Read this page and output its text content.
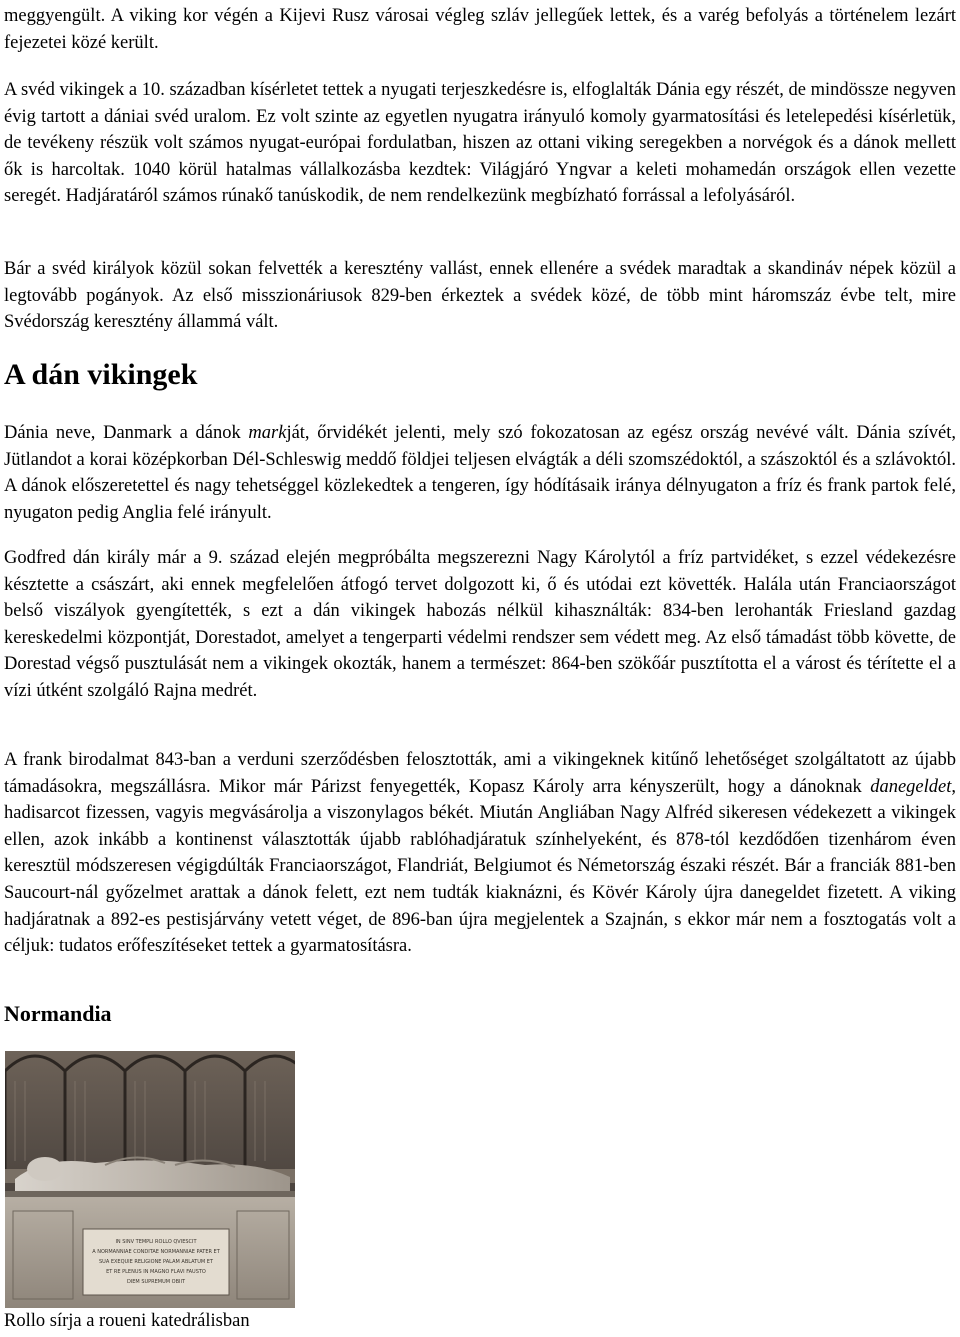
meggyengült. A viking kor végén a Kijevi Rusz városai végleg szláv jellegűek lettek, és a varég befolyás a történelem lezárt fejezetei közé került.

A svéd vikingek a 10. században kísérletet tettek a nyugati terjeszkedésre is, elfoglalták Dánia egy részét, de mindössze negyven évig tartott a dániai svéd uralom. Ez volt szinte az egyetlen nyugatra irányuló komoly gyarmatosítási és letelepedési kísérletük, de tevékeny részük volt számos nyugat-európai fordulatban, hiszen az ottani viking seregekben a norvégok és a dánok mellett ők is harcoltak. 1040 körül hatalmas vállalkozásba kezdtek: Világjáró Yngvar a keleti mohamedán országok ellen vezette seregét. Hadjáratáról számos rúnakő tanúskodik, de nem rendelkezünk megbízható forrással a lefolyásáról.

Bár a svéd királyok közül sokan felvették a keresztény vallást, ennek ellenére a svédek maradtak a skandináv népek közül a legtovább pogányok. Az első misszionáriusok 829-ben érkeztek a svédek közé, de több mint háromszáz évbe telt, mire Svédország keresztény állammá vált.

A dán vikingek

Dánia neve, Danmark a dánok markját, őrvidékét jelenti, mely szó fokozatosan az egész ország nevévé vált. Dánia szívét, Jütlandot a korai középkorban Dél-Schleswig meddő földjei teljesen elvágták a déli szomszédoktól, a szászoktól és a szlávoktól. A dánok előszeretettel és nagy tehetséggel közlekedtek a tengeren, így hódításaik iránya délnyugaton a fríz és frank partok felé, nyugaton pedig Anglia felé irányult.

Godfred dán király már a 9. század elején megpróbálta megszerezni Nagy Károlytól a fríz partvidéket, s ezzel védekezésre késztette a császárt, aki ennek megfelelően átfogó tervet dolgozott ki, ő és utódai ezt követték. Halála után Franciaországot belső viszályok gyengítették, s ezt a dán vikingek habozás nélkül kihasználták: 834-ben lerohanták Friesland gazdag kereskedelmi központját, Dorestadot, amelyet a tengerparti védelmi rendszer sem védett meg. Az első támadást több követte, de Dorestad végső pusztulását nem a vikingek okozták, hanem a természet: 864-ben szökőár pusztította el a várost és térítette el a vízi útként szolgáló Rajna medrét.

A frank birodalmat 843-ban a verduni szerződésben felosztották, ami a vikingeknek kitűnő lehetőséget szolgáltatott az újabb támadásokra, megszállásra. Mikor már Párizst fenyegették, Kopasz Károly arra kényszerült, hogy a dánoknak danegeldet, hadisarcot fizessen, vagyis megvásárolja a viszonylagos békét. Miután Angliában Nagy Alfréd sikeresen védekezett a vikingek ellen, azok inkább a kontinenst választották újabb rablóhadjáratuk színhelyeként, és 878-tól kezdődően tizenhárom éven keresztül módszeresen végigdúlták Franciaországot, Flandriát, Belgiumot és Németország északi részét. Bár a franciák 881-ben Saucourt-nál győzelmet arattak a dánok felett, ezt nem tudták kiaknázni, és Kövér Károly újra danegeldet fizetett. A viking hadjáratnak a 892-es pestisjárvány vetett véget, de 896-ban újra megjelentek a Szajnán, s ekkor már nem a fosztogatás volt a céljuk: tudatos erőfeszítéseket tettek a gyarmatosításra.

Normandia
IN SINV TEMPLI ROLLO QVIESCIT
A NORMANNIAE CONDITAE NORMANNIAE PATER ET
SUA EXEQUIE RELIGIONE PALAM ABLATUM ET
ET RE PLENUS IN MAGNO FLAVI FAUSTO
DIEM SUPREMUM OBIIT
Rollo sírja a roueni katedrálisban
